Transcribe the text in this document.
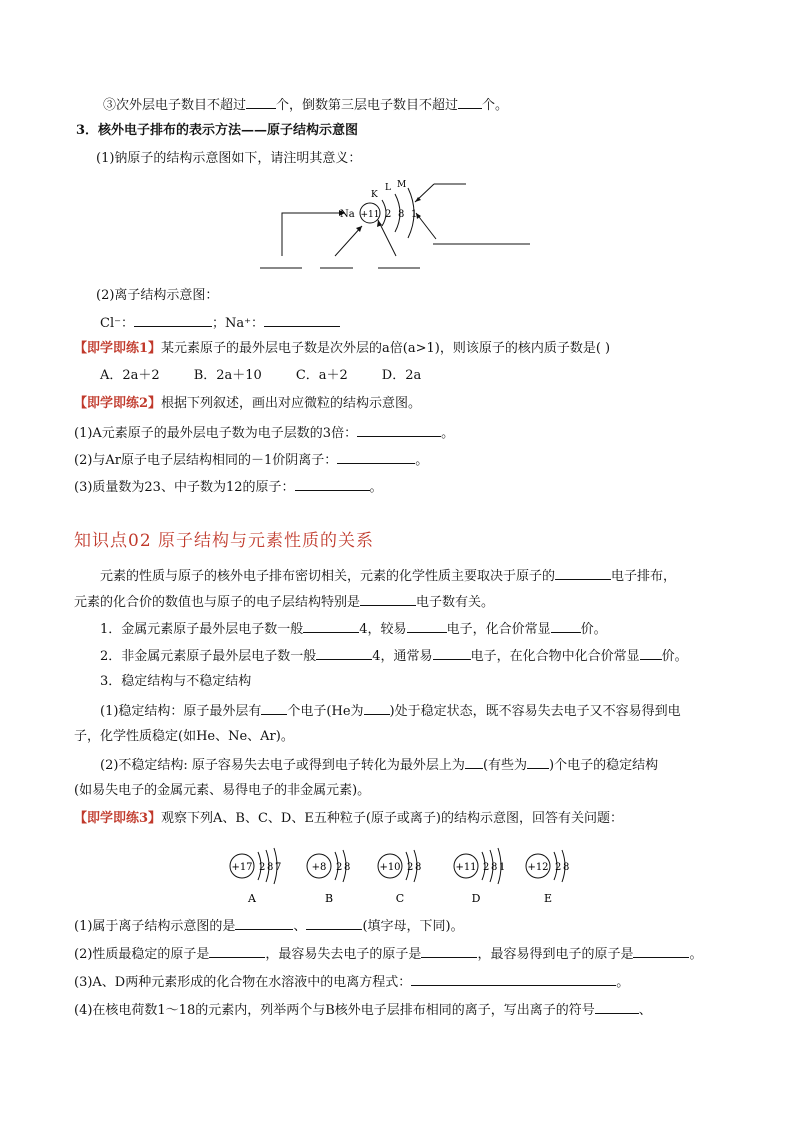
③次外层电子数目不超过 个，倒数第三层电子数目不超过 个。
3．核外电子排布的表示方法——原子结构示意图
(1)钠原子的结构示意图如下，请注明其意义：
Na +11 2 8 1
K
L M
(2)离子结构示意图：
Cl⁻：	；Na⁺：
【即学即练1】某元素原子的最外层电子数是次外层的a倍(a>1)，则该原子的核内质子数是( )
A．2a＋2	B．2a＋10	C．a＋2	D．2a
【即学即练2】根据下列叙述，画出对应微粒的结构示意图。
(1)A元素原子的最外层电子数为电子层数的3倍：	。
(2)与Ar原子电子层结构相同的－1价阴离子：	。
(3)质量数为23、中子数为12的原子：	。
知识点02 原子结构与元素性质的关系
元素的性质与原子的核外电子排布密切相关，元素的化学性质主要取决于原子的	电子排布，
元素的化合价的数值也与原子的电子层结构特别是	电子数有关。
1．金属元素原子最外层电子数一般	4，较易	电子，化合价常显 价。
2．非金属元素原子最外层电子数一般	4，通常易	电子，在化合物中化合价常显 价。
3．稳定结构与不稳定结构
(1)稳定结构：原子最外层有 个电子(He为 )处于稳定状态，既不容易失去电子又不容易得到电
子，化学性质稳定(如He、Ne、Ar)。
(2)不稳定结构: 原子容易失去电子或得到电子转化为最外层上为 (有些为 )个电子的稳定结构
(如易失电子的金属元素、易得电子的非金属元素)。
【即学即练3】观察下列A、B、C、D、E五种粒子(原子或离子)的结构示意图，回答有关问题：
+17 2 8 7
A
+8 2 8
B
+10 2 8
C
+11 2 8 1
D
+12 2 8
E
(1)属于离子结构示意图的是	、	(填字母，下同)。
(2)性质最稳定的原子是	，最容易失去电子的原子是	，最容易得到电子的原子是	。
(3)A、D两种元素形成的化合物在水溶液中的电离方程式：	。
(4)在核电荷数1～18的元素内，列举两个与B核外电子层排布相同的离子，写出离子的符号	、
